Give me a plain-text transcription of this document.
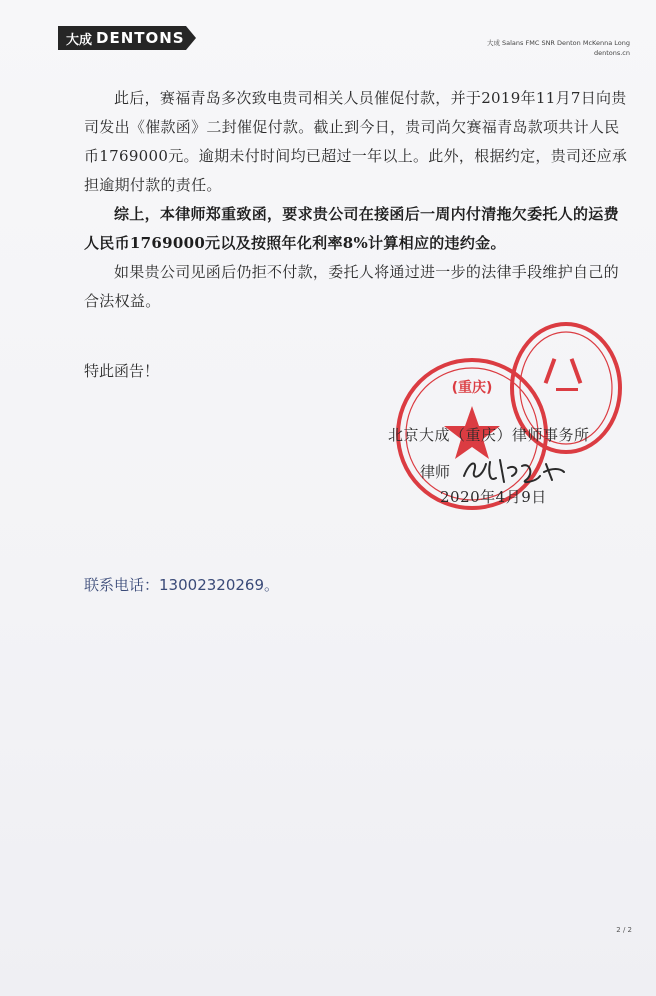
大成 DENTONS	大成 Salans FMC SNR Denton McKenna Long
dentons.cn

此后，赛福青岛多次致电贵司相关人员催促付款，并于2019年11月7日向贵司发出《催款函》二封催促付款。截止到今日，贵司尚欠赛福青岛款项共计人民币1769000元。逾期未付时间均已超过一年以上。此外，根据约定，贵司还应承担逾期付款的责任。

综上，本律师郑重致函，要求贵公司在接函后一周内付清拖欠委托人的运费人民币1769000元以及按照年化利率8%计算相应的违约金。

如果贵公司见函后仍拒不付款，委托人将通过进一步的法律手段维护自己的合法权益。

特此函告！
(重庆)
北京大成（重庆）律师事务所
律师
2020年4月9日
联系电话：13002320269。
2 / 2
